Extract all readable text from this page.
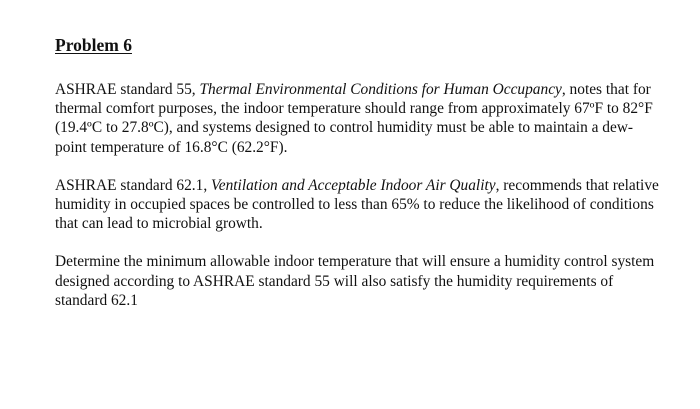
Problem 6

ASHRAE standard 55, Thermal Environmental Conditions for Human Occupancy, notes that for thermal comfort purposes, the indoor temperature should range from approximately 67ºF to 82°F (19.4ºC to 27.8ºC), and systems designed to control humidity must be able to maintain a dew-point temperature of 16.8°C (62.2°F).

ASHRAE standard 62.1, Ventilation and Acceptable Indoor Air Quality, recommends that relative humidity in occupied spaces be controlled to less than 65% to reduce the likelihood of conditions that can lead to microbial growth.

Determine the minimum allowable indoor temperature that will ensure a humidity control system designed according to ASHRAE standard 55 will also satisfy the humidity requirements of standard 62.1
